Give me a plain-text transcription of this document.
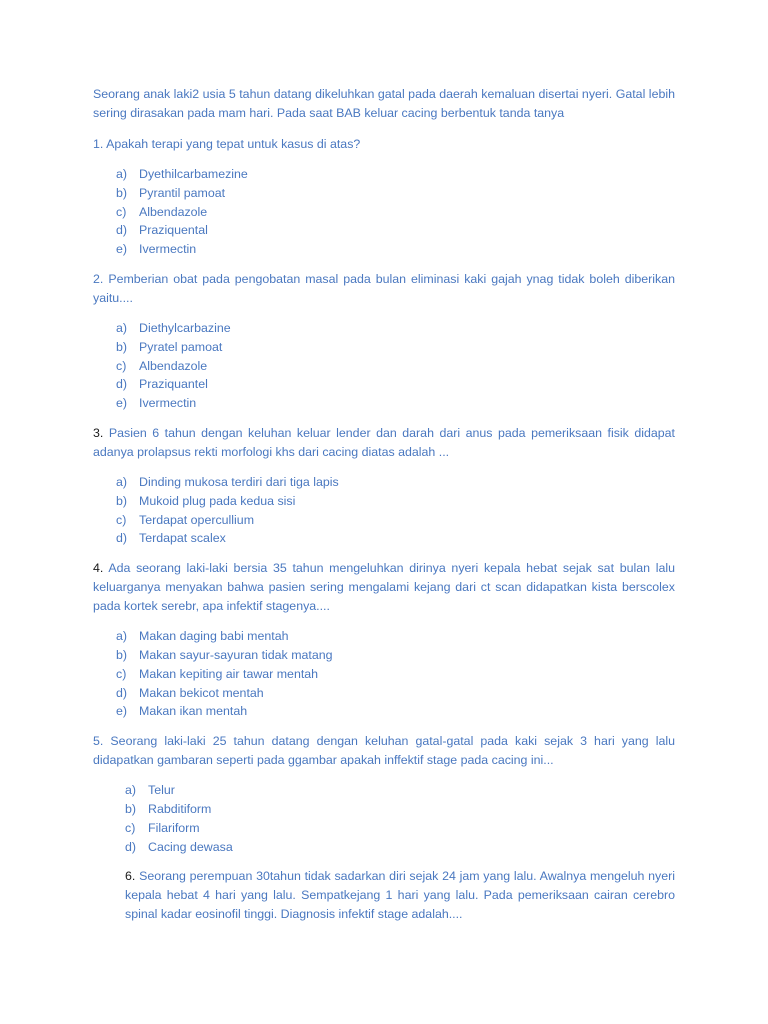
Seorang anak laki2 usia 5 tahun datang dikeluhkan gatal pada daerah kemaluan disertai nyeri. Gatal lebih sering dirasakan pada mam hari. Pada saat BAB keluar cacing berbentuk tanda tanya

1. Apakah terapi yang tepat untuk kasus di atas?

a) Dyethilcarbamezine
b) Pyrantil pamoat
c) Albendazole
d) Praziquental
e) Ivermectin

2. Pemberian obat pada pengobatan masal pada bulan eliminasi kaki gajah ynag tidak boleh diberikan yaitu....

a) Diethylcarbazine
b) Pyratel pamoat
c) Albendazole
d) Praziquantel
e) Ivermectin

3. Pasien 6 tahun dengan keluhan keluar lender dan darah dari anus pada pemeriksaan fisik didapat adanya prolapsus rekti morfologi khs dari cacing diatas adalah ...

a) Dinding mukosa terdiri dari tiga lapis
b) Mukoid plug pada kedua sisi
c) Terdapat opercullium
d) Terdapat scalex

4. Ada seorang laki-laki bersia 35 tahun mengeluhkan dirinya nyeri kepala hebat sejak sat bulan lalu keluarganya menyakan bahwa pasien sering mengalami kejang dari ct scan didapatkan kista berscolex pada kortek serebr, apa infektif stagenya....

a) Makan daging babi mentah
b) Makan sayur-sayuran tidak matang
c) Makan kepiting air tawar mentah
d) Makan bekicot mentah
e) Makan ikan mentah

5. Seorang laki-laki 25 tahun datang dengan keluhan gatal-gatal pada kaki sejak 3 hari yang lalu didapatkan gambaran seperti pada ggambar apakah inffektif stage pada cacing ini...

a) Telur
b) Rabditiform
c) Filariform
d) Cacing dewasa

6. Seorang perempuan 30tahun tidak sadarkan diri sejak 24 jam yang lalu. Awalnya mengeluh nyeri kepala hebat 4 hari yang lalu. Sempatkejang 1 hari yang lalu. Pada pemeriksaan cairan cerebro spinal kadar eosinofil tinggi. Diagnosis infektif stage adalah....
